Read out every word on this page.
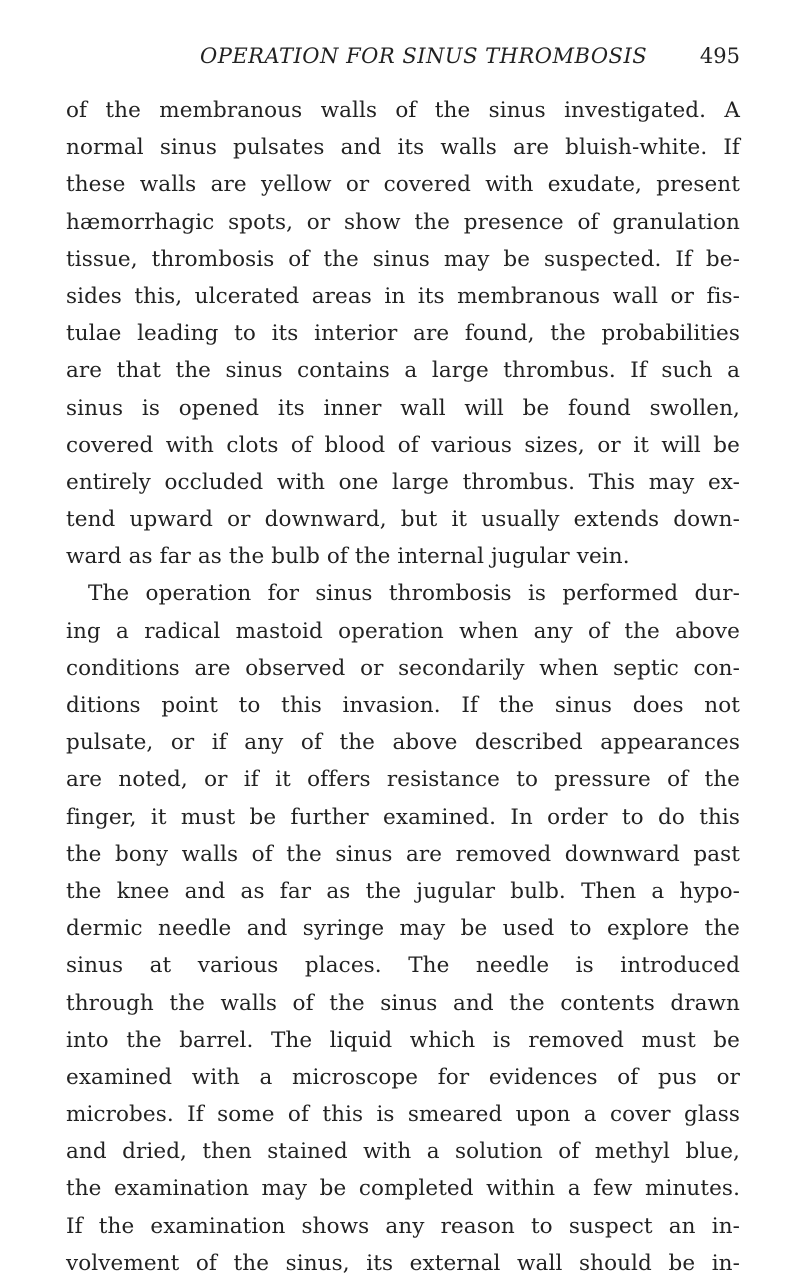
OPERATION FOR SINUS THROMBOSIS	495
of the membranous walls of the sinus investigated. A
normal sinus pulsates and its walls are bluish-white. If
these walls are yellow or covered with exudate, present
hæmorrhagic spots, or show the presence of granulation
tissue, thrombosis of the sinus may be suspected. If be-
sides this, ulcerated areas in its membranous wall or fis-
tulae leading to its interior are found, the probabilities
are that the sinus contains a large thrombus. If such a
sinus is opened its inner wall will be found swollen,
covered with clots of blood of various sizes, or it will be
entirely occluded with one large thrombus. This may ex-
tend upward or downward, but it usually extends down-
ward as far as the bulb of the internal jugular vein.
The operation for sinus thrombosis is performed dur-
ing a radical mastoid operation when any of the above
conditions are observed or secondarily when septic con-
ditions point to this invasion. If the sinus does not
pulsate, or if any of the above described appearances
are noted, or if it offers resistance to pressure of the
finger, it must be further examined. In order to do this
the bony walls of the sinus are removed downward past
the knee and as far as the jugular bulb. Then a hypo-
dermic needle and syringe may be used to explore the
sinus at various places. The needle is introduced
through the walls of the sinus and the contents drawn
into the barrel. The liquid which is removed must be
examined with a microscope for evidences of pus or
microbes. If some of this is smeared upon a cover glass
and dried, then stained with a solution of methyl blue,
the examination may be completed within a few minutes.
If the examination shows any reason to suspect an in-
volvement of the sinus, its external wall should be in-
